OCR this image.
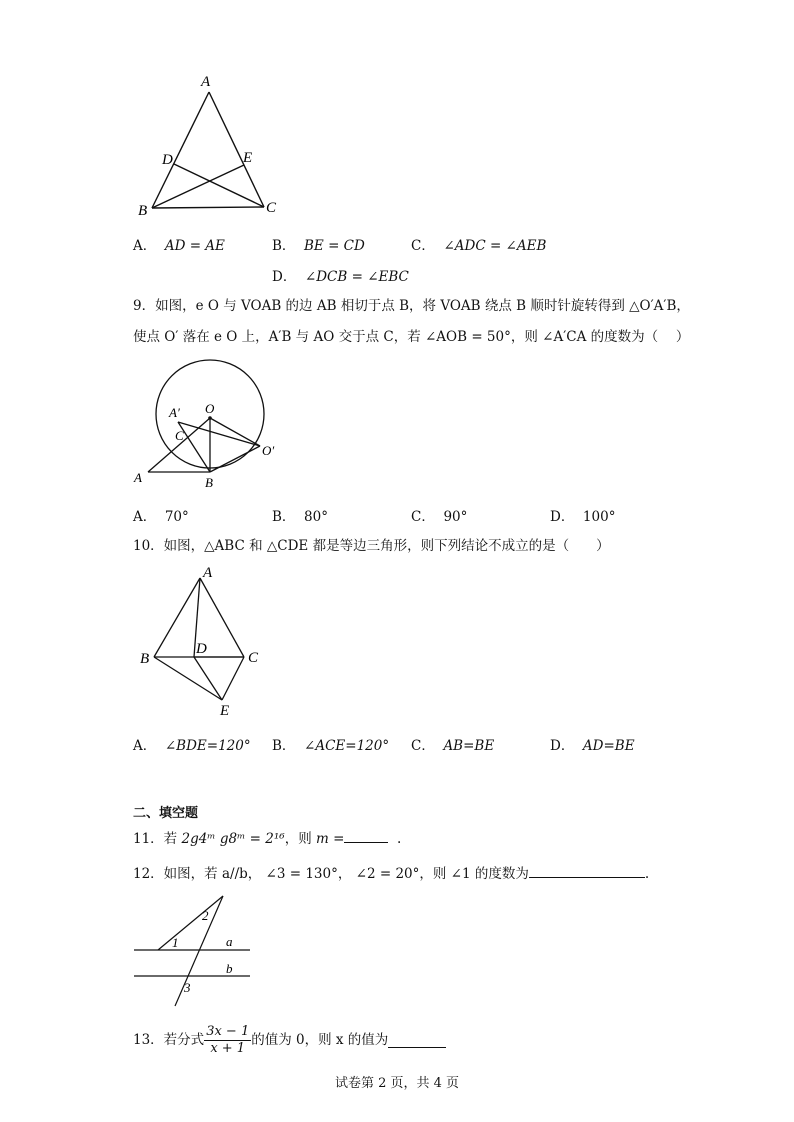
A
D	E
B	C
A． AD = AE	B． BE = CD	C． ∠ADC = ∠AEB
D． ∠DCB = ∠EBC
9．如图，e O 与 VOAB 的边 AB 相切于点 B，将 VOAB 绕点 B 顺时针旋转得到 △O′A′B，
使点 O′ 落在 e O 上，A′B 与 AO 交于点 C，若 ∠AOB = 50°，则 ∠A′CA 的度数为（　 ）
A′ O
C
O′
A	B
A． 70°	B． 80°	C． 90°	D． 100°
10．如图，△ABC 和 △CDE 都是等边三角形，则下列结论不成立的是（　　）
A
B
D
C
E
A． ∠BDE=120° B． ∠ACE=120° C． AB=BE	D． AD=BE
二、填空题
11．若 2g4ᵐ g8ᵐ = 2¹⁶，则 m =	.
12．如图，若 a//b， ∠3 = 130°， ∠2 = 20°，则 ∠1 的度数为	.
2
1	a
b
3
13．若分式 $\frac{3x - 1}{x + 1}$ 的值为 0，则 x 的值为
试卷第 2 页，共 4 页
